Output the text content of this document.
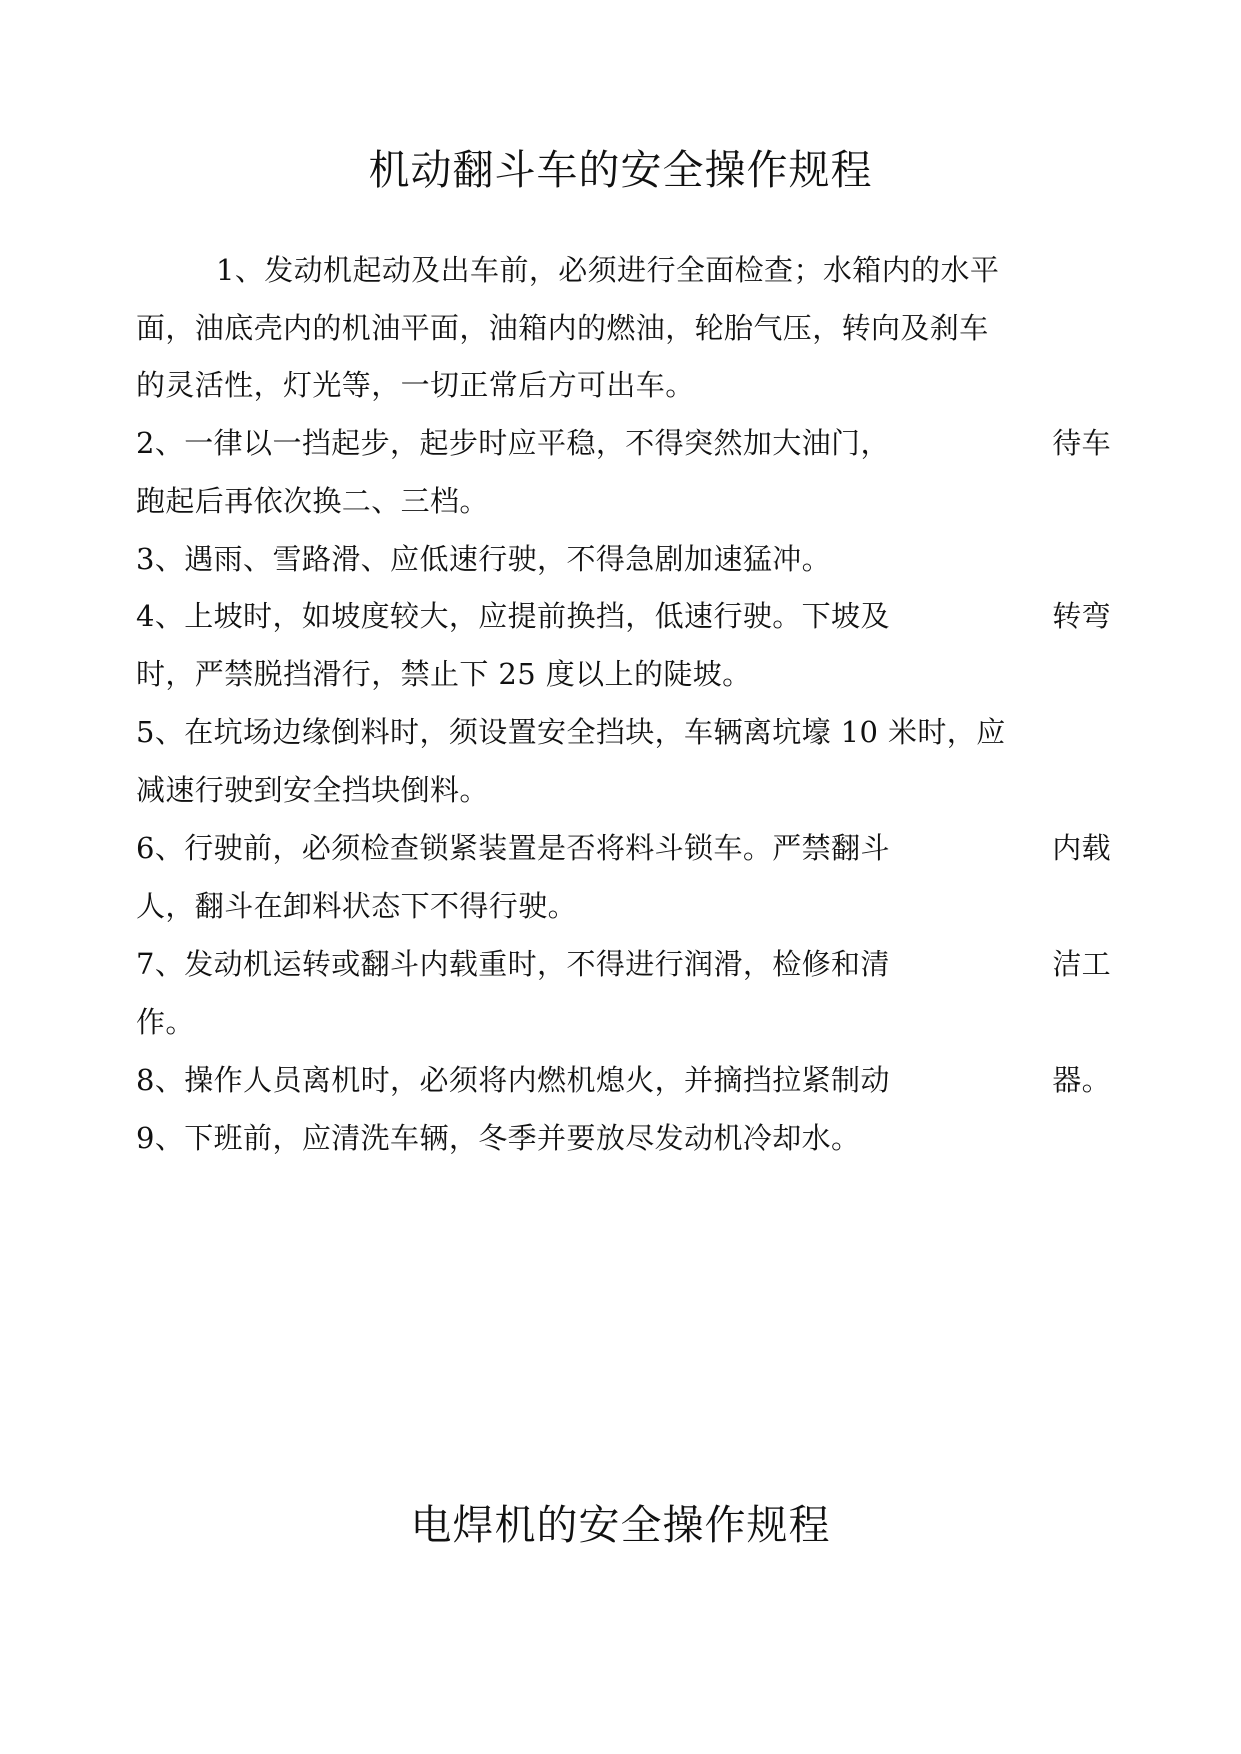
机动翻斗车的安全操作规程
1、发动机起动及出车前，必须进行全面检查；水箱内的水平
面，油底壳内的机油平面，油箱内的燃油，轮胎气压，转向及刹车
的灵活性，灯光等，一切正常后方可出车。
2、一律以一挡起步，起步时应平稳，不得突然加大油门，	待车
跑起后再依次换二、三档。
3、遇雨、雪路滑、应低速行驶，不得急剧加速猛冲。
4、上坡时，如坡度较大，应提前换挡，低速行驶。下坡及	转弯
时，严禁脱挡滑行，禁止下 25 度以上的陡坡。
5、在坑场边缘倒料时，须设置安全挡块，车辆离坑壕 10 米时，应
减速行驶到安全挡块倒料。
6、行驶前，必须检查锁紧装置是否将料斗锁车。严禁翻斗	内载
人，翻斗在卸料状态下不得行驶。
7、发动机运转或翻斗内载重时，不得进行润滑，检修和清	洁工
作。
8、操作人员离机时，必须将内燃机熄火，并摘挡拉紧制动	器。
9、下班前，应清洗车辆，冬季并要放尽发动机冷却水。
电焊机的安全操作规程
